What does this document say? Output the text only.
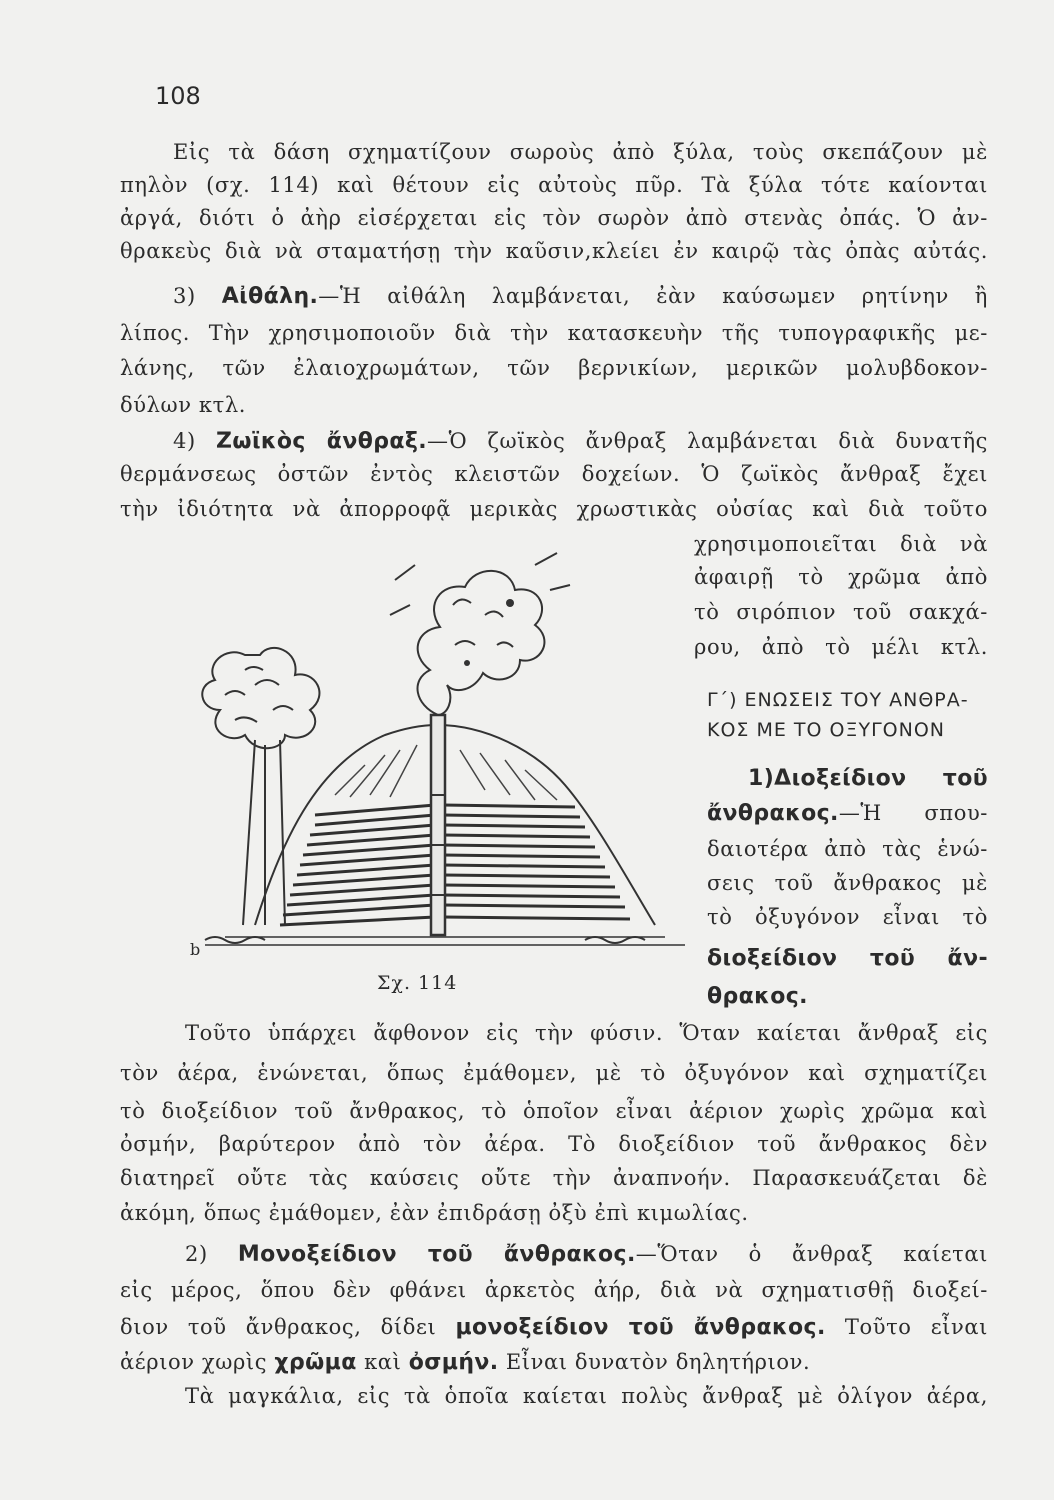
108
Εἰς τὰ δάση σχηματίζουν σωροὺς ἀπὸ ξύλα, τοὺς σκεπάζουν μὲ
πηλὸν (σχ. 114) καὶ θέτουν εἰς αὐτοὺς πῦρ. Τὰ ξύλα τότε καίονται
ἀργά, διότι ὁ ἀὴρ εἰσέρχεται εἰς τὸν σωρὸν ἀπὸ στενὰς ὀπάς. Ὁ ἀν-
θρακεὺς διὰ νὰ σταματήσῃ τὴν καῦσιν,κλείει ἐν καιρῷ τὰς ὀπὰς αὐτάς.
3) Αἰθάλη.—Ἡ αἰθάλη λαμβάνεται, ἐὰν καύσωμεν ρητίνην ἢ
λίπος. Τὴν χρησιμοποιοῦν διὰ τὴν κατασκευὴν τῆς τυπογραφικῆς με-
λάνης, τῶν ἐλαιοχρωμάτων, τῶν βερνικίων, μερικῶν μολυβδοκον-
δύλων κτλ.
4) Ζωϊκὸς ἄνθραξ.—Ὁ ζωϊκὸς ἄνθραξ λαμβάνεται διὰ δυνατῆς
θερμάνσεως ὀστῶν ἐντὸς κλειστῶν δοχείων. Ὁ ζωϊκὸς ἄνθραξ ἔχει
τὴν ἰδιότητα νὰ ἀπορροφᾷ μερικὰς χρωστικὰς οὐσίας καὶ διὰ τοῦτο
χρησιμοποιεῖται διὰ νὰ
ἀφαιρῇ τὸ χρῶμα ἀπὸ
τὸ σιρόπιον τοῦ σακχά-
ρου, ἀπὸ τὸ μέλι κτλ.
Γ΄) ΕΝΩΣΕΙΣ ΤΟΥ ΑΝΘΡΑ-
ΚΟΣ ΜΕ ΤΟ ΟΞΥΓΟΝΟΝ
1)Διοξείδιον τοῦ
ἄνθρακος.—Ἡ σπου-
δαιοτέρα ἀπὸ τὰς ἑνώ-
σεις τοῦ ἄνθρακος μὲ
τὸ ὀξυγόνον εἶναι τὸ
διοξείδιον τοῦ ἄν-
θρακος.
b
Σχ. 114
Τοῦτο ὑπάρχει ἄφθονον εἰς τὴν φύσιν. Ὅταν καίεται ἄνθραξ εἰς
τὸν ἀέρα, ἑνώνεται, ὅπως ἐμάθομεν, μὲ τὸ ὀξυγόνον καὶ σχηματίζει
τὸ διοξείδιον τοῦ ἄνθρακος, τὸ ὁποῖον εἶναι ἀέριον χωρὶς χρῶμα καὶ
ὀσμήν, βαρύτερον ἀπὸ τὸν ἀέρα. Τὸ διοξείδιον τοῦ ἄνθρακος δὲν
διατηρεῖ οὔτε τὰς καύσεις οὔτε τὴν ἀναπνοήν. Παρασκευάζεται δὲ
ἀκόμη, ὅπως ἐμάθομεν, ἐὰν ἐπιδράσῃ ὀξὺ ἐπὶ κιμωλίας.
2) Μονοξείδιον τοῦ ἄνθρακος.—Ὅταν ὁ ἄνθραξ καίεται
εἰς μέρος, ὅπου δὲν φθάνει ἀρκετὸς ἀήρ, διὰ νὰ σχηματισθῇ διοξεί-
διον τοῦ ἄνθρακος, δίδει μονοξείδιον τοῦ ἄνθρακος. Τοῦτο εἶναι
ἀέριον χωρὶς χρῶμα καὶ ὀσμήν. Εἶναι δυνατὸν δηλητήριον.
Τὰ μαγκάλια, εἰς τὰ ὁποῖα καίεται πολὺς ἄνθραξ μὲ ὀλίγον ἀέρα,
